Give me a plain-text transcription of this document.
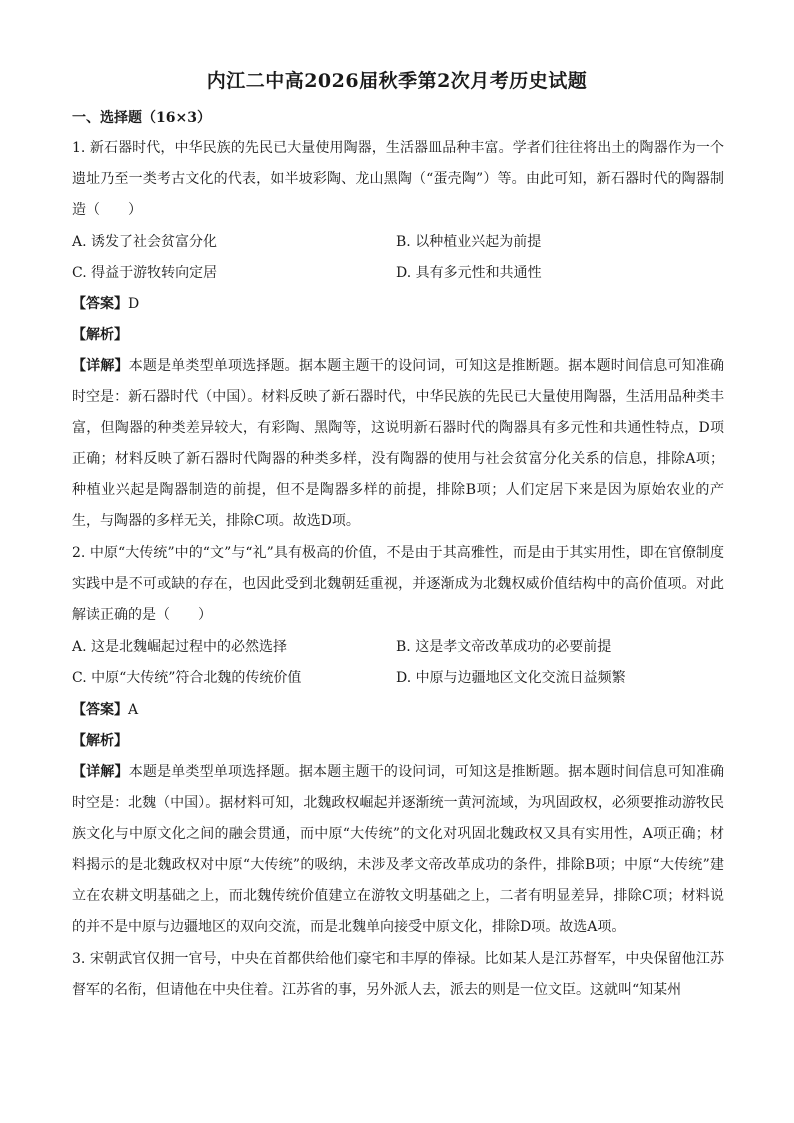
内江二中高2026届秋季第2次月考历史试题
一、选择题（16×3）
1. 新石器时代，中华民族的先民已大量使用陶器，生活器皿品种丰富。学者们往往将出土的陶器作为一个遗址乃至一类考古文化的代表，如半坡彩陶、龙山黑陶（“蛋壳陶”）等。由此可知，新石器时代的陶器制造（　　）
A. 诱发了社会贫富分化	B. 以种植业兴起为前提
C. 得益于游牧转向定居	D. 具有多元性和共通性
【答案】D
【解析】
【详解】本题是单类型单项选择题。据本题主题干的设问词，可知这是推断题。据本题时间信息可知准确时空是：新石器时代（中国）。材料反映了新石器时代，中华民族的先民已大量使用陶器，生活用品种类丰富，但陶器的种类差异较大，有彩陶、黑陶等，这说明新石器时代的陶器具有多元性和共通性特点，D项正确；材料反映了新石器时代陶器的种类多样，没有陶器的使用与社会贫富分化关系的信息，排除A项；种植业兴起是陶器制造的前提，但不是陶器多样的前提，排除B项；人们定居下来是因为原始农业的产生，与陶器的多样无关，排除C项。故选D项。
2. 中原“大传统”中的“文”与“礼”具有极高的价值，不是由于其高雅性，而是由于其实用性，即在官僚制度实践中是不可或缺的存在，也因此受到北魏朝廷重视，并逐渐成为北魏权威价值结构中的高价值项。对此解读正确的是（　　）
A. 这是北魏崛起过程中的必然选择	B. 这是孝文帝改革成功的必要前提
C. 中原“大传统”符合北魏的传统价值	D. 中原与边疆地区文化交流日益频繁
【答案】A
【解析】
【详解】本题是单类型单项选择题。据本题主题干的设问词，可知这是推断题。据本题时间信息可知准确时空是：北魏（中国）。据材料可知，北魏政权崛起并逐渐统一黄河流域，为巩固政权，必须要推动游牧民族文化与中原文化之间的融会贯通，而中原“大传统”的文化对巩固北魏政权又具有实用性，A项正确；材料揭示的是北魏政权对中原“大传统”的吸纳，未涉及孝文帝改革成功的条件，排除B项；中原“大传统”建立在农耕文明基础之上，而北魏传统价值建立在游牧文明基础之上，二者有明显差异，排除C项；材料说的并不是中原与边疆地区的双向交流，而是北魏单向接受中原文化，排除D项。故选A项。
3. 宋朝武官仅拥一官号，中央在首都供给他们豪宅和丰厚的俸禄。比如某人是江苏督军，中央保留他江苏督军的名衔，但请他在中央住着。江苏省的事，另外派人去，派去的则是一位文臣。这就叫“知某州
